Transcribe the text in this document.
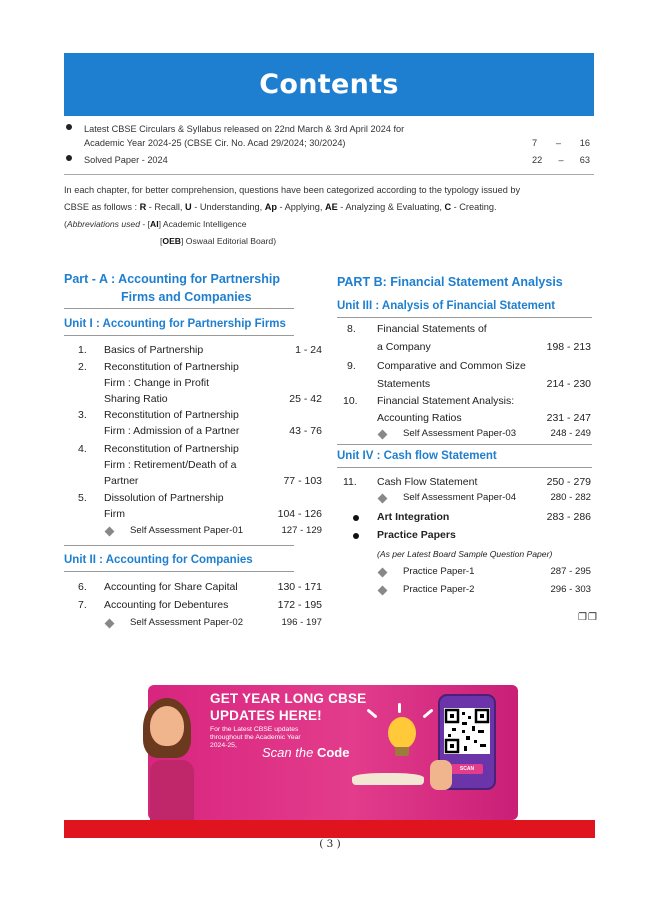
Contents
Latest CBSE Circulars & Syllabus released on 22nd March & 3rd April 2024 for
Academic Year 2024-25 (CBSE Cir. No. Acad 29/2024; 30/2024)	7 – 16
Solved Paper - 2024	22 – 63
In each chapter, for better comprehension, questions have been categorized according to the typology issued by
CBSE as follows : R - Recall, U - Understanding, Ap - Applying, AE - Analyzing & Evaluating, C - Creating.
(Abbreviations used - [AI] Academic Intelligence
[OEB] Oswaal Editorial Board)
Part - A : Accounting for Partnership
Firms and Companies
Unit I : Accounting for Partnership Firms
1. Basics of Partnership	1 - 24
2. Reconstitution of Partnership
Firm : Change in Profit
Sharing Ratio	25 - 42
3. Reconstitution of Partnership
Firm : Admission of a Partner	43 - 76
4. Reconstitution of Partnership
Firm : Retirement/Death of a
Partner	77 - 103
5. Dissolution of Partnership
Firm	104 - 126
Self Assessment Paper-01	127 - 129
Unit II : Accounting for Companies
6. Accounting for Share Capital	130 - 171
7. Accounting for Debentures	172 - 195
Self Assessment Paper-02	196 - 197
PART B: Financial Statement Analysis
Unit III : Analysis of Financial Statement
8. Financial Statements of
a Company	198 - 213
9. Comparative and Common Size
Statements	214 - 230
10. Financial Statement Analysis:
Accounting Ratios	231 - 247
Self Assessment Paper-03	248 - 249
Unit IV : Cash flow Statement
11. Cash Flow Statement	250 - 279
Self Assessment Paper-04	280 - 282
Art Integration	283 - 286
Practice Papers
(As per Latest Board Sample Question Paper)
Practice Paper-1	287 - 295
Practice Paper-2	296 - 303
❐❐
GET YEAR LONG CBSE
UPDATES HERE!
For the Latest CBSE updates
throughout the Academic Year
2024-25,	Scan the Code
SCAN
( 3 )
